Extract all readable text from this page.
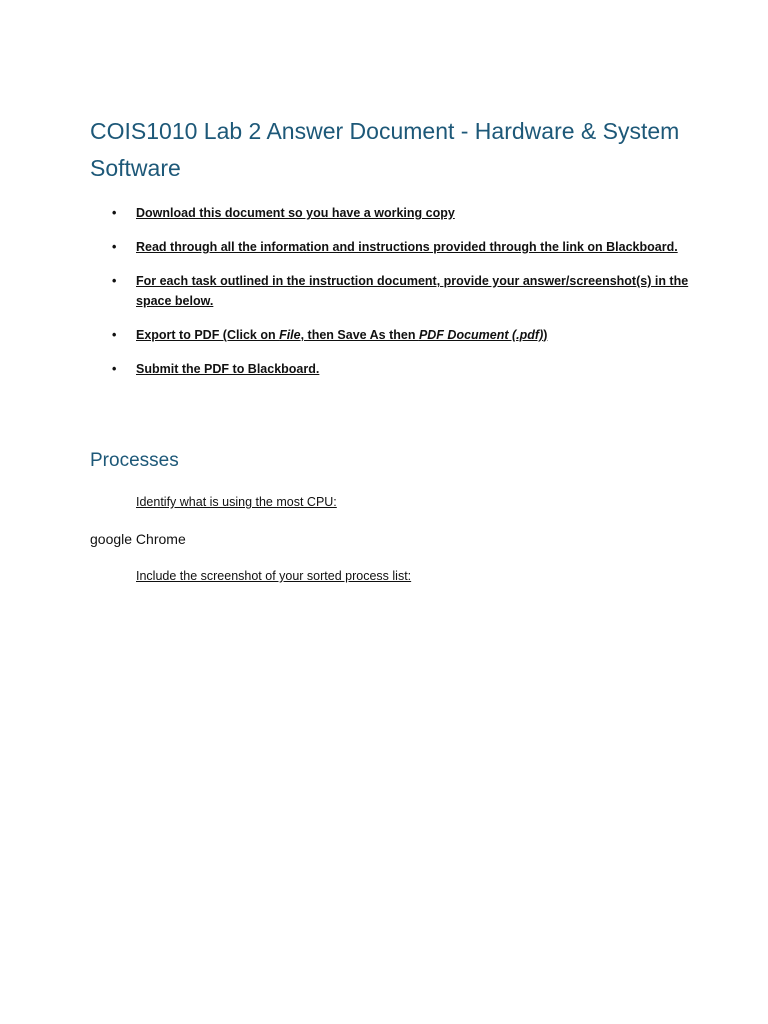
COIS1010 Lab 2 Answer Document - Hardware & System Software
• Download this document so you have a working copy
• Read through all the information and instructions provided through the link on Blackboard.
• For each task outlined in the instruction document, provide your answer/screenshot(s) in the space below.
• Export to PDF (Click on File, then Save As then PDF Document (.pdf))
• Submit the PDF to Blackboard.
Processes
Identify what is using the most CPU:
google Chrome
Include the screenshot of your sorted process list:
